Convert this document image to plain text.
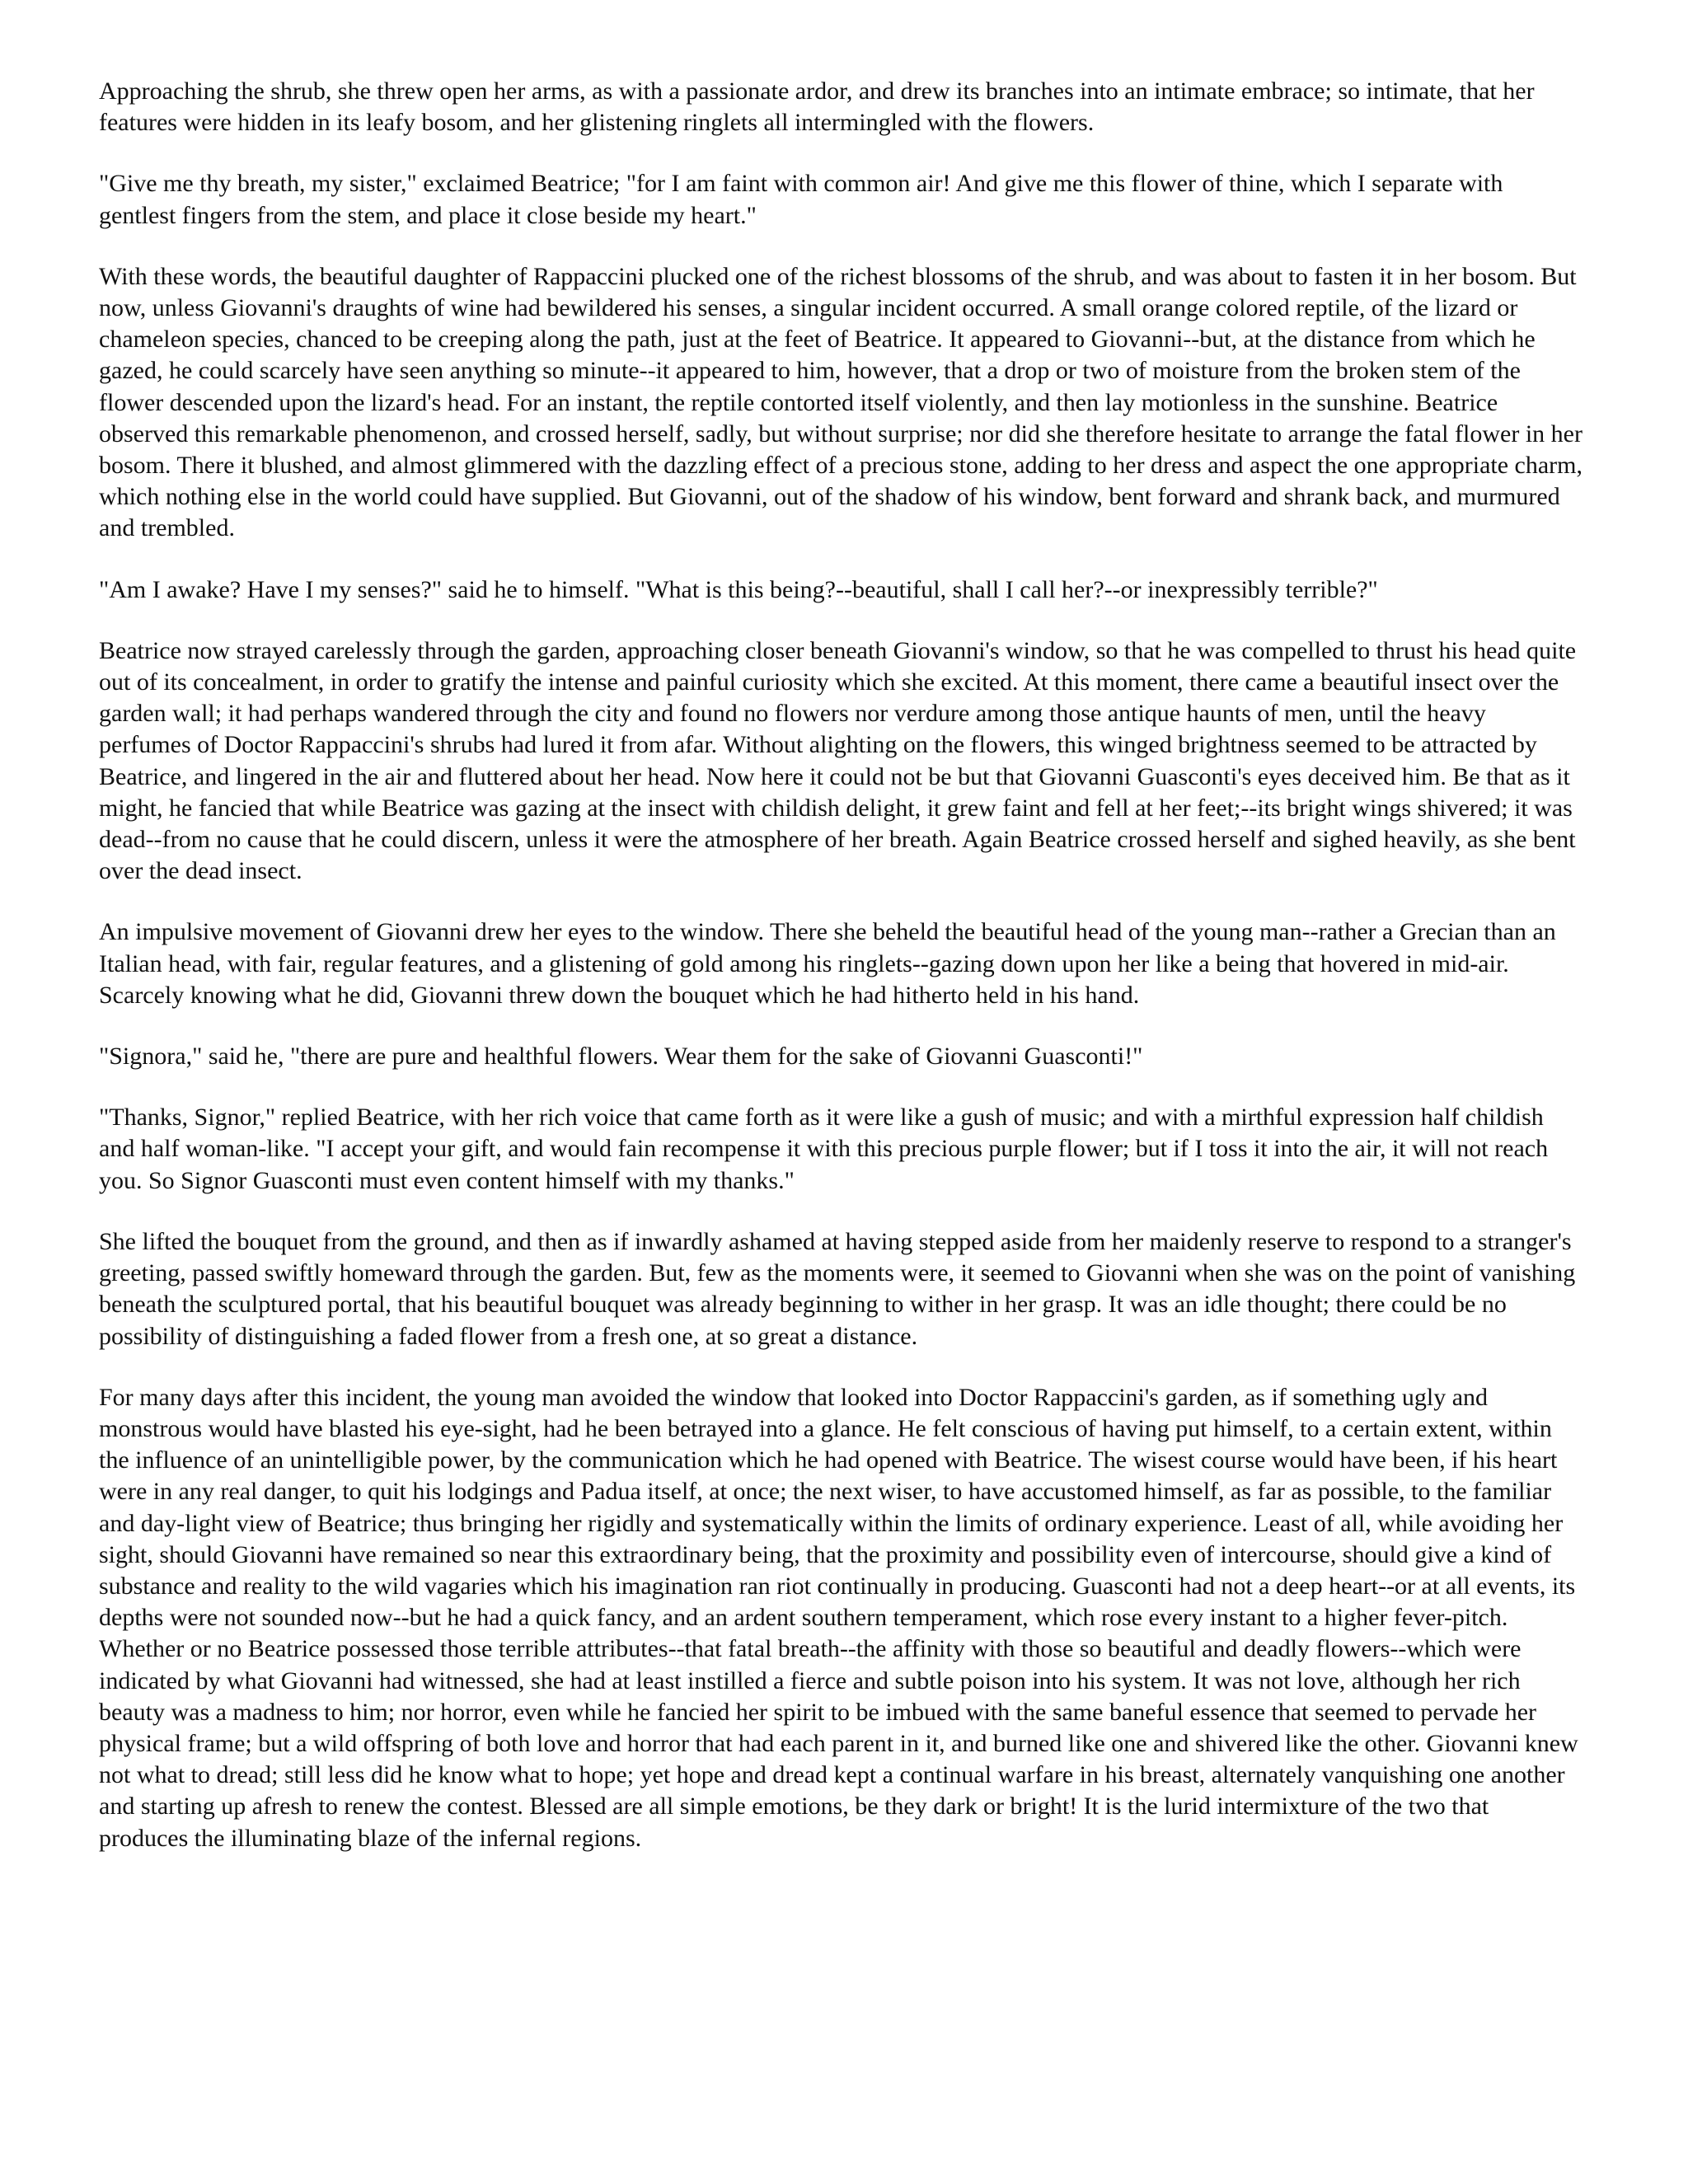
Approaching the shrub, she threw open her arms, as with a passionate ardor, and drew its branches into an intimate embrace; so intimate, that her features were hidden in its leafy bosom, and her glistening ringlets all intermingled with the flowers.

"Give me thy breath, my sister," exclaimed Beatrice; "for I am faint with common air! And give me this flower of thine, which I separate with gentlest fingers from the stem, and place it close beside my heart."

With these words, the beautiful daughter of Rappaccini plucked one of the richest blossoms of the shrub, and was about to fasten it in her bosom. But now, unless Giovanni's draughts of wine had bewildered his senses, a singular incident occurred. A small orange colored reptile, of the lizard or chameleon species, chanced to be creeping along the path, just at the feet of Beatrice. It appeared to Giovanni--but, at the distance from which he gazed, he could scarcely have seen anything so minute--it appeared to him, however, that a drop or two of moisture from the broken stem of the flower descended upon the lizard's head. For an instant, the reptile contorted itself violently, and then lay motionless in the sunshine. Beatrice observed this remarkable phenomenon, and crossed herself, sadly, but without surprise; nor did she therefore hesitate to arrange the fatal flower in her bosom. There it blushed, and almost glimmered with the dazzling effect of a precious stone, adding to her dress and aspect the one appropriate charm, which nothing else in the world could have supplied. But Giovanni, out of the shadow of his window, bent forward and shrank back, and murmured and trembled.

"Am I awake? Have I my senses?" said he to himself. "What is this being?--beautiful, shall I call her?--or inexpressibly terrible?"

Beatrice now strayed carelessly through the garden, approaching closer beneath Giovanni's window, so that he was compelled to thrust his head quite out of its concealment, in order to gratify the intense and painful curiosity which she excited. At this moment, there came a beautiful insect over the garden wall; it had perhaps wandered through the city and found no flowers nor verdure among those antique haunts of men, until the heavy perfumes of Doctor Rappaccini's shrubs had lured it from afar. Without alighting on the flowers, this winged brightness seemed to be attracted by Beatrice, and lingered in the air and fluttered about her head. Now here it could not be but that Giovanni Guasconti's eyes deceived him. Be that as it might, he fancied that while Beatrice was gazing at the insect with childish delight, it grew faint and fell at her feet;--its bright wings shivered; it was dead--from no cause that he could discern, unless it were the atmosphere of her breath. Again Beatrice crossed herself and sighed heavily, as she bent over the dead insect.

An impulsive movement of Giovanni drew her eyes to the window. There she beheld the beautiful head of the young man--rather a Grecian than an Italian head, with fair, regular features, and a glistening of gold among his ringlets--gazing down upon her like a being that hovered in mid-air. Scarcely knowing what he did, Giovanni threw down the bouquet which he had hitherto held in his hand.

"Signora," said he, "there are pure and healthful flowers. Wear them for the sake of Giovanni Guasconti!"

"Thanks, Signor," replied Beatrice, with her rich voice that came forth as it were like a gush of music; and with a mirthful expression half childish and half woman-like. "I accept your gift, and would fain recompense it with this precious purple flower; but if I toss it into the air, it will not reach you. So Signor Guasconti must even content himself with my thanks."

She lifted the bouquet from the ground, and then as if inwardly ashamed at having stepped aside from her maidenly reserve to respond to a stranger's greeting, passed swiftly homeward through the garden. But, few as the moments were, it seemed to Giovanni when she was on the point of vanishing beneath the sculptured portal, that his beautiful bouquet was already beginning to wither in her grasp. It was an idle thought; there could be no possibility of distinguishing a faded flower from a fresh one, at so great a distance.

For many days after this incident, the young man avoided the window that looked into Doctor Rappaccini's garden, as if something ugly and monstrous would have blasted his eye-sight, had he been betrayed into a glance. He felt conscious of having put himself, to a certain extent, within the influence of an unintelligible power, by the communication which he had opened with Beatrice. The wisest course would have been, if his heart were in any real danger, to quit his lodgings and Padua itself, at once; the next wiser, to have accustomed himself, as far as possible, to the familiar and day-light view of Beatrice; thus bringing her rigidly and systematically within the limits of ordinary experience. Least of all, while avoiding her sight, should Giovanni have remained so near this extraordinary being, that the proximity and possibility even of intercourse, should give a kind of substance and reality to the wild vagaries which his imagination ran riot continually in producing. Guasconti had not a deep heart--or at all events, its depths were not sounded now--but he had a quick fancy, and an ardent southern temperament, which rose every instant to a higher fever-pitch. Whether or no Beatrice possessed those terrible attributes--that fatal breath--the affinity with those so beautiful and deadly flowers--which were indicated by what Giovanni had witnessed, she had at least instilled a fierce and subtle poison into his system. It was not love, although her rich beauty was a madness to him; nor horror, even while he fancied her spirit to be imbued with the same baneful essence that seemed to pervade her physical frame; but a wild offspring of both love and horror that had each parent in it, and burned like one and shivered like the other. Giovanni knew not what to dread; still less did he know what to hope; yet hope and dread kept a continual warfare in his breast, alternately vanquishing one another and starting up afresh to renew the contest. Blessed are all simple emotions, be they dark or bright! It is the lurid intermixture of the two that produces the illuminating blaze of the infernal regions.
